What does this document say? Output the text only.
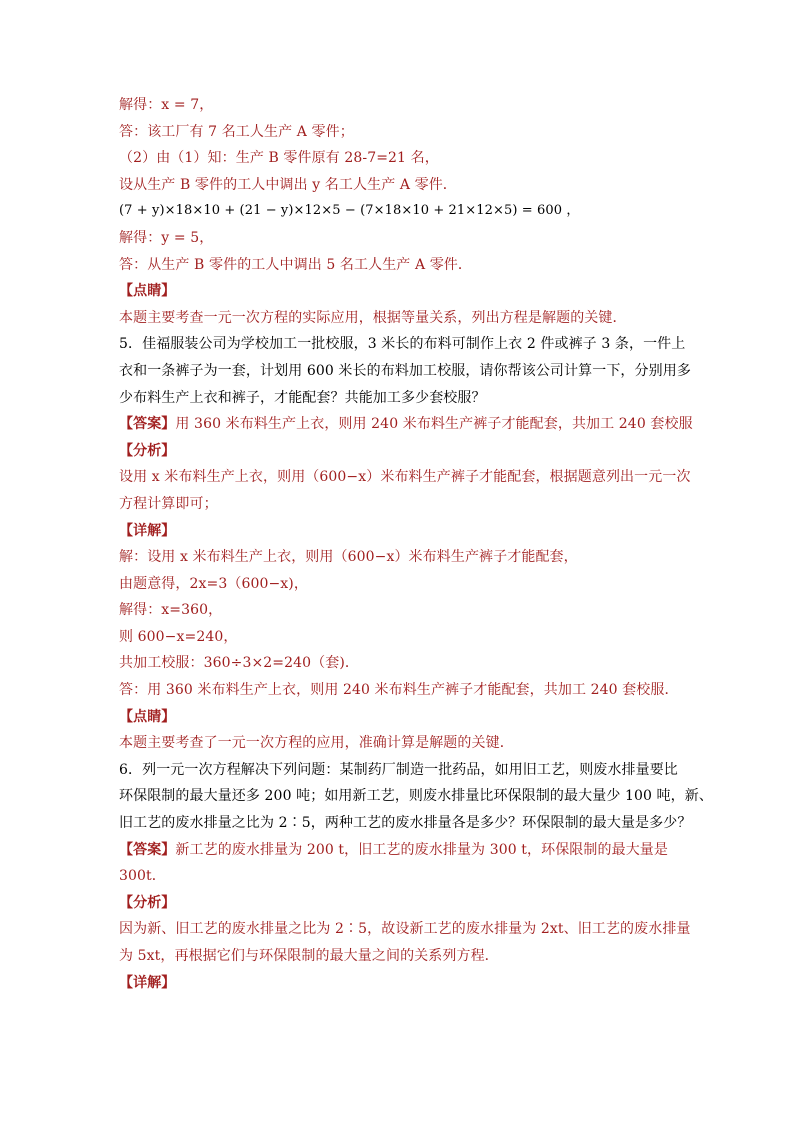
解得：x = 7，
答：该工厂有 7 名工人生产 A 零件；
（2）由（1）知：生产 B 零件原有 28-7=21 名，
设从生产 B 零件的工人中调出 y 名工人生产 A 零件．
(7 + y)×18×10 + (21 − y)×12×5 − (7×18×10 + 21×12×5) = 600 ，
解得：y = 5，
答：从生产 B 零件的工人中调出 5 名工人生产 A 零件．
【点睛】
本题主要考查一元一次方程的实际应用，根据等量关系，列出方程是解题的关键．
5．佳福服装公司为学校加工一批校服，3 米长的布料可制作上衣 2 件或裤子 3 条，一件上
衣和一条裤子为一套，计划用 600 米长的布料加工校服，请你帮该公司计算一下，分别用多
少布料生产上衣和裤子，才能配套？共能加工多少套校服？
【答案】用 360 米布料生产上衣，则用 240 米布料生产裤子才能配套，共加工 240 套校服
【分析】
设用 x 米布料生产上衣，则用（600−x）米布料生产裤子才能配套，根据题意列出一元一次
方程计算即可；
【详解】
解：设用 x 米布料生产上衣，则用（600−x）米布料生产裤子才能配套，
由题意得，2x=3（600−x)，
解得：x=360，
则 600−x=240，
共加工校服：360÷3×2=240（套)．
答：用 360 米布料生产上衣，则用 240 米布料生产裤子才能配套，共加工 240 套校服．
【点睛】
本题主要考查了一元一次方程的应用，准确计算是解题的关键．
6．列一元一次方程解决下列问题：某制药厂制造一批药品，如用旧工艺，则废水排量要比
环保限制的最大量还多 200 吨；如用新工艺，则废水排量比环保限制的最大量少 100 吨，新、
旧工艺的废水排量之比为 2∶5，两种工艺的废水排量各是多少？环保限制的最大量是多少？
【答案】新工艺的废水排量为 200 t，旧工艺的废水排量为 300 t，环保限制的最大量是
300t．
【分析】
因为新、旧工艺的废水排量之比为 2∶5，故设新工艺的废水排量为 2xt、旧工艺的废水排量
为 5xt，再根据它们与环保限制的最大量之间的关系列方程．
【详解】
